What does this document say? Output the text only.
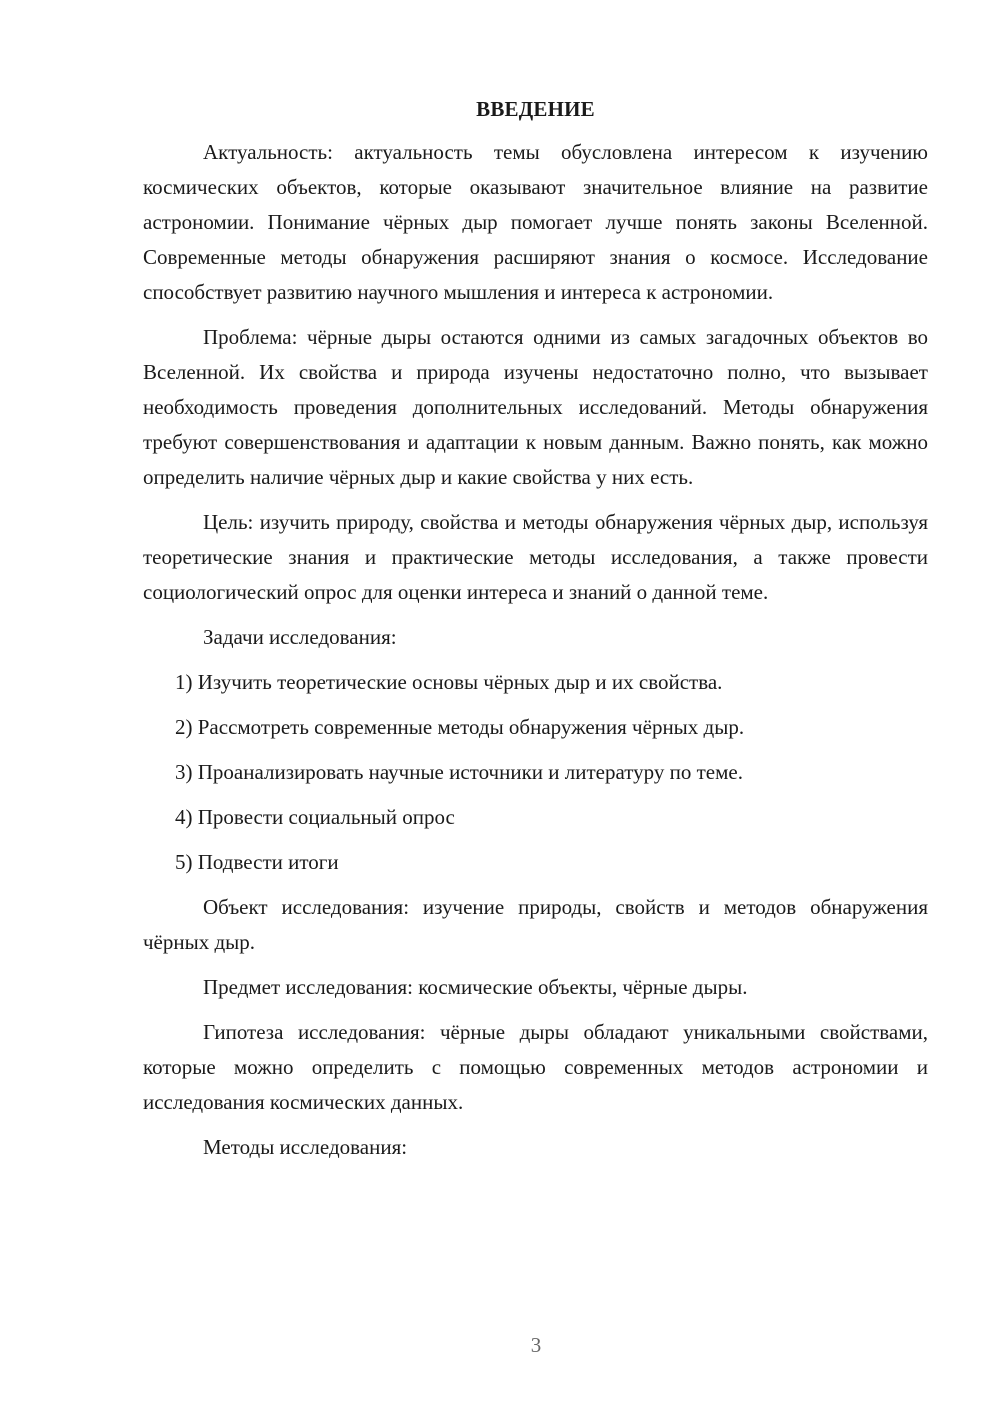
ВВЕДЕНИЕ

Актуальность: актуальность темы обусловлена интересом к изучению космических объектов, которые оказывают значительное влияние на развитие астрономии. Понимание чёрных дыр помогает лучше понять законы Вселенной. Современные методы обнаружения расширяют знания о космосе. Исследование способствует развитию научного мышления и интереса к астрономии.

Проблема: чёрные дыры остаются одними из самых загадочных объектов во Вселенной. Их свойства и природа изучены недостаточно полно, что вызывает необходимость проведения дополнительных исследований. Методы обнаружения требуют совершенствования и адаптации к новым данным. Важно понять, как можно определить наличие чёрных дыр и какие свойства у них есть.

Цель: изучить природу, свойства и методы обнаружения чёрных дыр, используя теоретические знания и практические методы исследования, а также провести социологический опрос для оценки интереса и знаний о данной теме.

Задачи исследования:

1) Изучить теоретические основы чёрных дыр и их свойства.
2) Рассмотреть современные методы обнаружения чёрных дыр.
3) Проанализировать научные источники и литературу по теме.
4) Провести социальный опрос
5) Подвести итоги

Объект исследования: изучение природы, свойств и методов обнаружения чёрных дыр.

Предмет исследования: космические объекты, чёрные дыры.

Гипотеза исследования: чёрные дыры обладают уникальными свойствами, которые можно определить с помощью современных методов астрономии и исследования космических данных.

Методы исследования:

3
